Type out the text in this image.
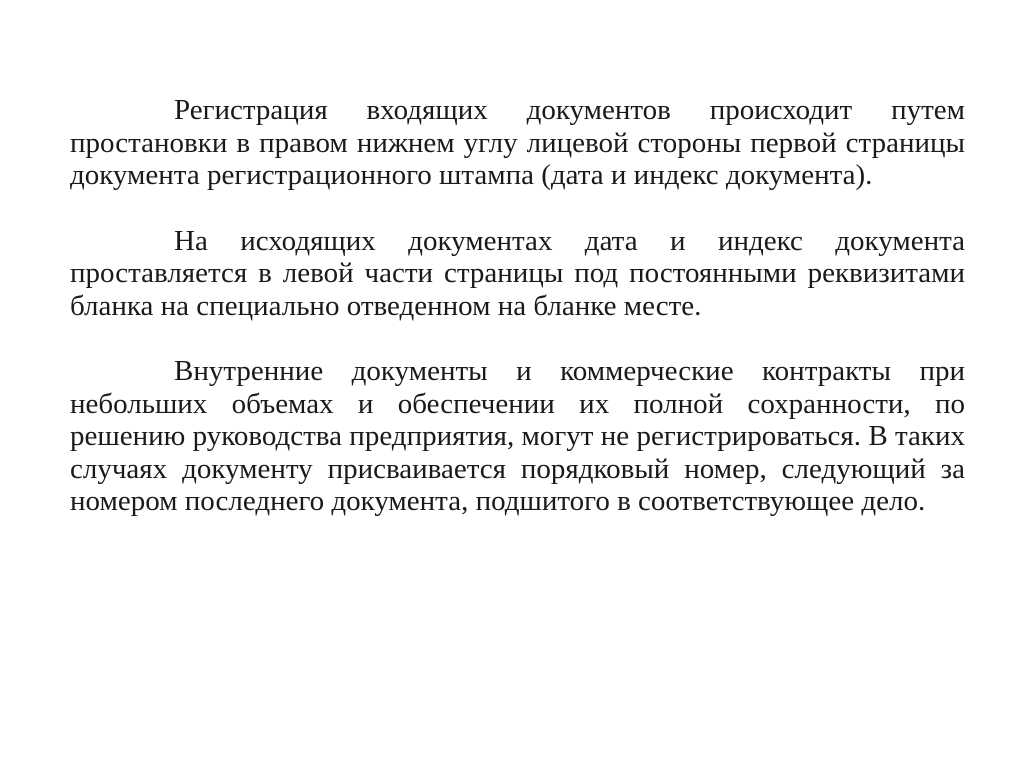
Регистрация входящих документов происходит путем простановки в правом нижнем углу лицевой стороны первой страницы документа регистрационного штампа (дата и индекс документа).

На исходящих документах дата и индекс документа проставляется в левой части страницы под постоянными реквизитами бланка на специально отведенном на бланке месте.

Внутренние документы и коммерческие контракты при небольших объемах и обеспечении их полной сохранности, по решению руководства предприятия, могут не регистрироваться. В таких случаях документу присваивается порядковый номер, следующий за номером последнего документа, подшитого в соответствующее дело.
